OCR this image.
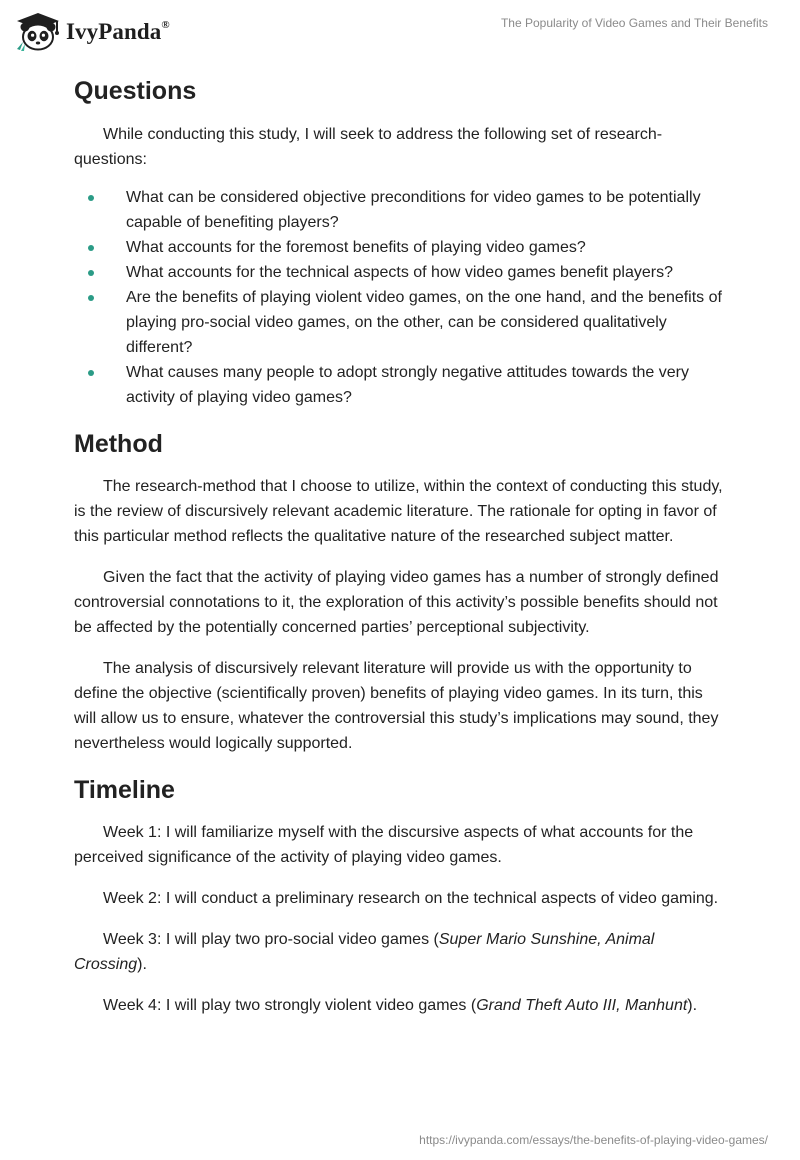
IvyPanda®	The Popularity of Video Games and Their Benefits
Questions

While conducting this study, I will seek to address the following set of research-questions:

What can be considered objective preconditions for video games to be potentially capable of benefiting players?
What accounts for the foremost benefits of playing video games?
What accounts for the technical aspects of how video games benefit players?
Are the benefits of playing violent video games, on the one hand, and the benefits of playing pro-social video games, on the other, can be considered qualitatively different?
What causes many people to adopt strongly negative attitudes towards the very activity of playing video games?
Method

The research-method that I choose to utilize, within the context of conducting this study, is the review of discursively relevant academic literature. The rationale for opting in favor of this particular method reflects the qualitative nature of the researched subject matter.

Given the fact that the activity of playing video games has a number of strongly defined controversial connotations to it, the exploration of this activity’s possible benefits should not be affected by the potentially concerned parties’ perceptional subjectivity.

The analysis of discursively relevant literature will provide us with the opportunity to define the objective (scientifically proven) benefits of playing video games. In its turn, this will allow us to ensure, whatever the controversial this study’s implications may sound, they nevertheless would logically supported.

Timeline

Week 1: I will familiarize myself with the discursive aspects of what accounts for the perceived significance of the activity of playing video games.

Week 2: I will conduct a preliminary research on the technical aspects of video gaming.

Week 3: I will play two pro-social video games (Super Mario Sunshine, Animal Crossing).

Week 4: I will play two strongly violent video games (Grand Theft Auto III, Manhunt).

https://ivypanda.com/essays/the-benefits-of-playing-video-games/
